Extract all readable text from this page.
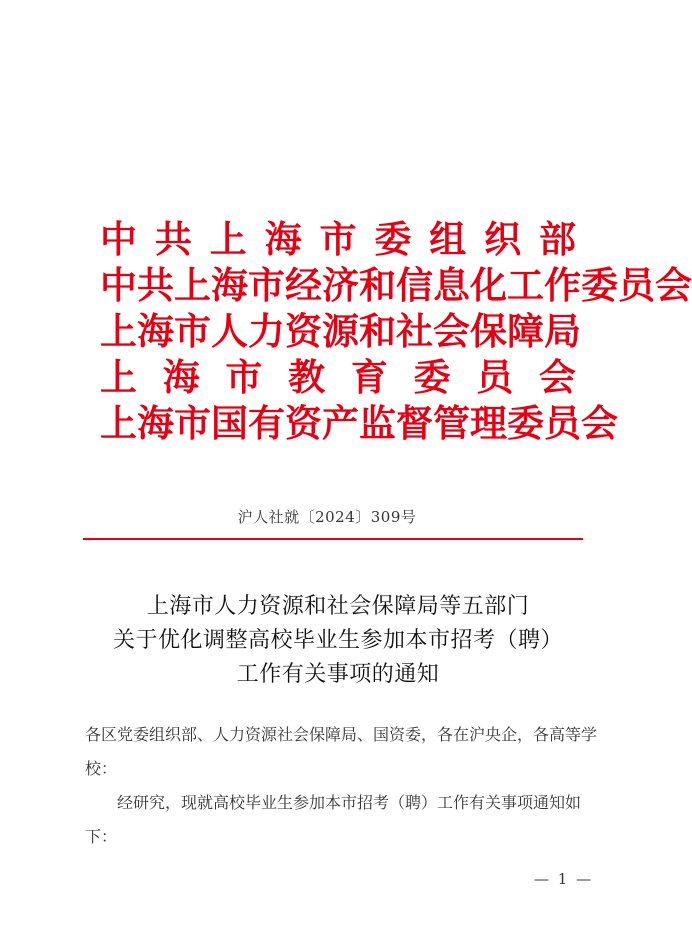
中 共 上 海 市 委 组 织 部
中 共 上 海 市 经 济 和 信 息 化 工 作 委 员 会
上 海 市 人 力 资 源 和 社 会 保 障 局
上 海 市 教 育 委 员 会
上 海 市 国 有 资 产 监 督 管 理 委 员 会
沪人社就〔2024〕309号
上海市人力资源和社会保障局等五部门
关于优化调整高校毕业生参加本市招考（聘）
工作有关事项的通知

各区党委组织部、人力资源社会保障局、国资委，各在沪央企，各高等学校：

经研究，现就高校毕业生参加本市招考（聘）工作有关事项通知如下：

— 1 —
